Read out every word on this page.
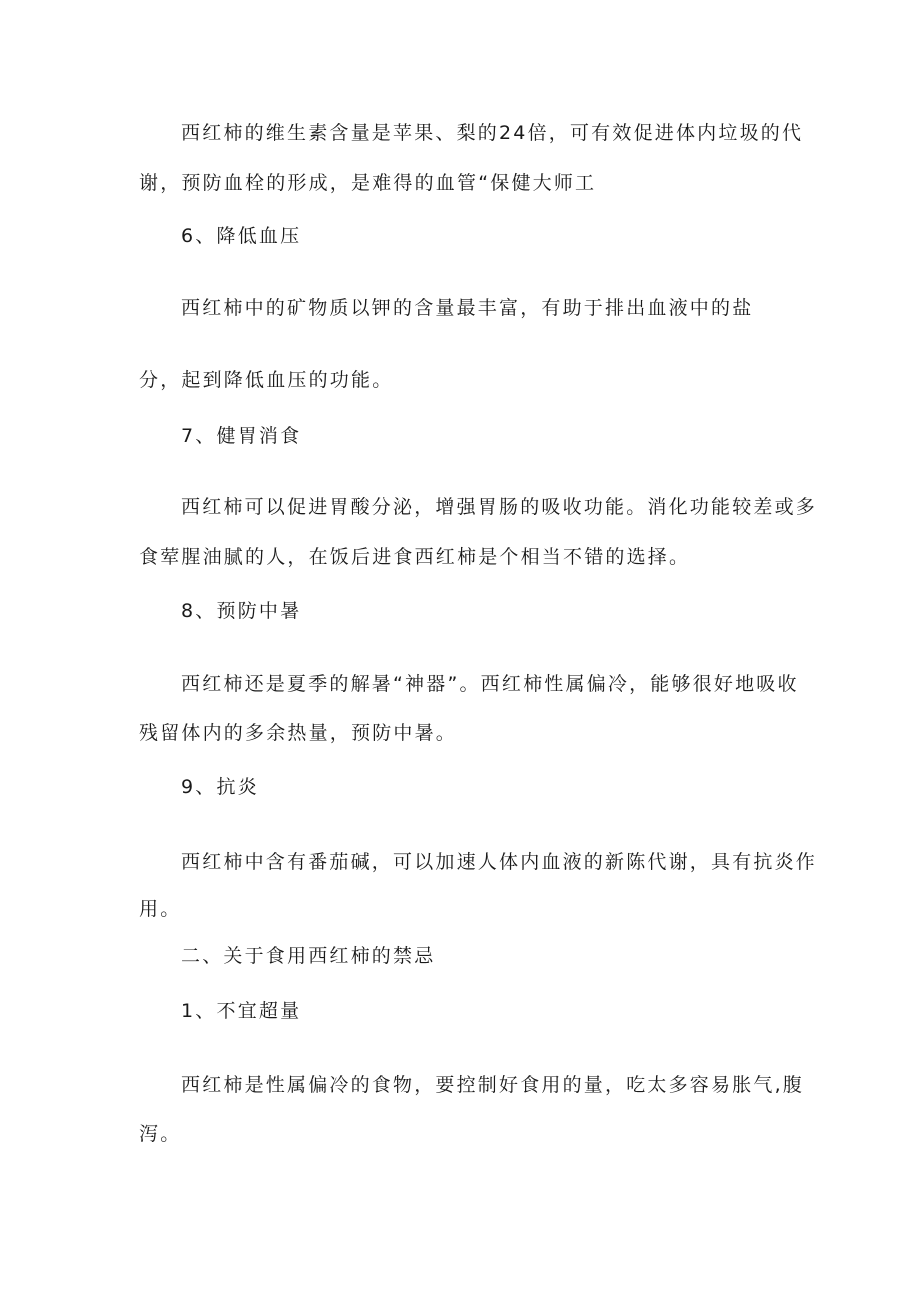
西红柿的维生素含量是苹果、梨的24倍，可有效促进体内垃圾的代
谢，预防血栓的形成，是难得的血管“保健大师工
6、降低血压
西红柿中的矿物质以钾的含量最丰富，有助于排出血液中的盐
分，起到降低血压的功能。
7、健胃消食
西红柿可以促进胃酸分泌，增强胃肠的吸收功能。消化功能较差或多
食荤腥油腻的人，在饭后进食西红柿是个相当不错的选择。
8、预防中暑
西红柿还是夏季的解暑“神器”。西红柿性属偏冷，能够很好地吸收
残留体内的多余热量，预防中暑。
9、抗炎
西红柿中含有番茄碱，可以加速人体内血液的新陈代谢，具有抗炎作
用。
二、关于食用西红柿的禁忌
1、不宜超量
西红柿是性属偏冷的食物，要控制好食用的量，吃太多容易胀气,腹
泻。
